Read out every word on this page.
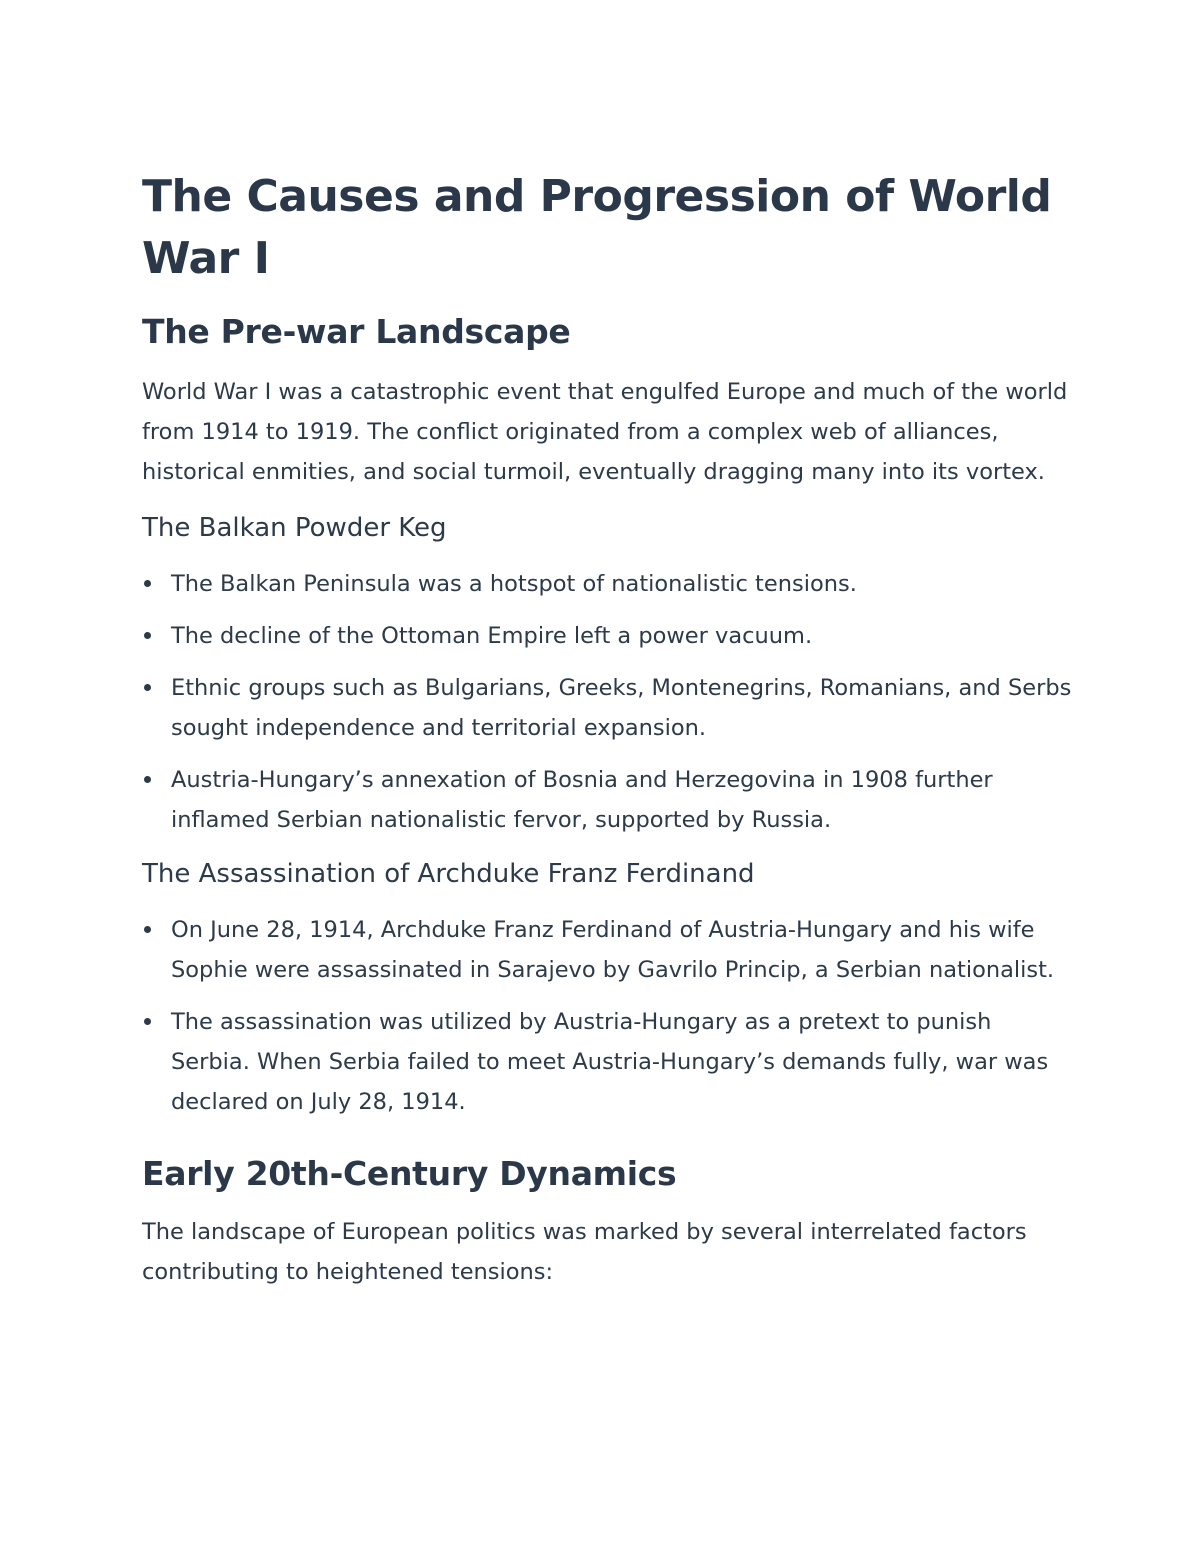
The Causes and Progression of World War I
The Pre-war Landscape

World War I was a catastrophic event that engulfed Europe and much of the world from 1914 to 1919. The conflict originated from a complex web of alliances, historical enmities, and social turmoil, eventually dragging many into its vortex.

The Balkan Powder Keg
The Balkan Peninsula was a hotspot of nationalistic tensions.
The decline of the Ottoman Empire left a power vacuum.
Ethnic groups such as Bulgarians, Greeks, Montenegrins, Romanians, and Serbs sought independence and territorial expansion.
Austria-Hungary’s annexation of Bosnia and Herzegovina in 1908 further inflamed Serbian nationalistic fervor, supported by Russia.
The Assassination of Archduke Franz Ferdinand
On June 28, 1914, Archduke Franz Ferdinand of Austria-Hungary and his wife Sophie were assassinated in Sarajevo by Gavrilo Princip, a Serbian nationalist.
The assassination was utilized by Austria-Hungary as a pretext to punish Serbia. When Serbia failed to meet Austria-Hungary’s demands fully, war was declared on July 28, 1914.
Early 20th-Century Dynamics

The landscape of European politics was marked by several interrelated factors contributing to heightened tensions:
